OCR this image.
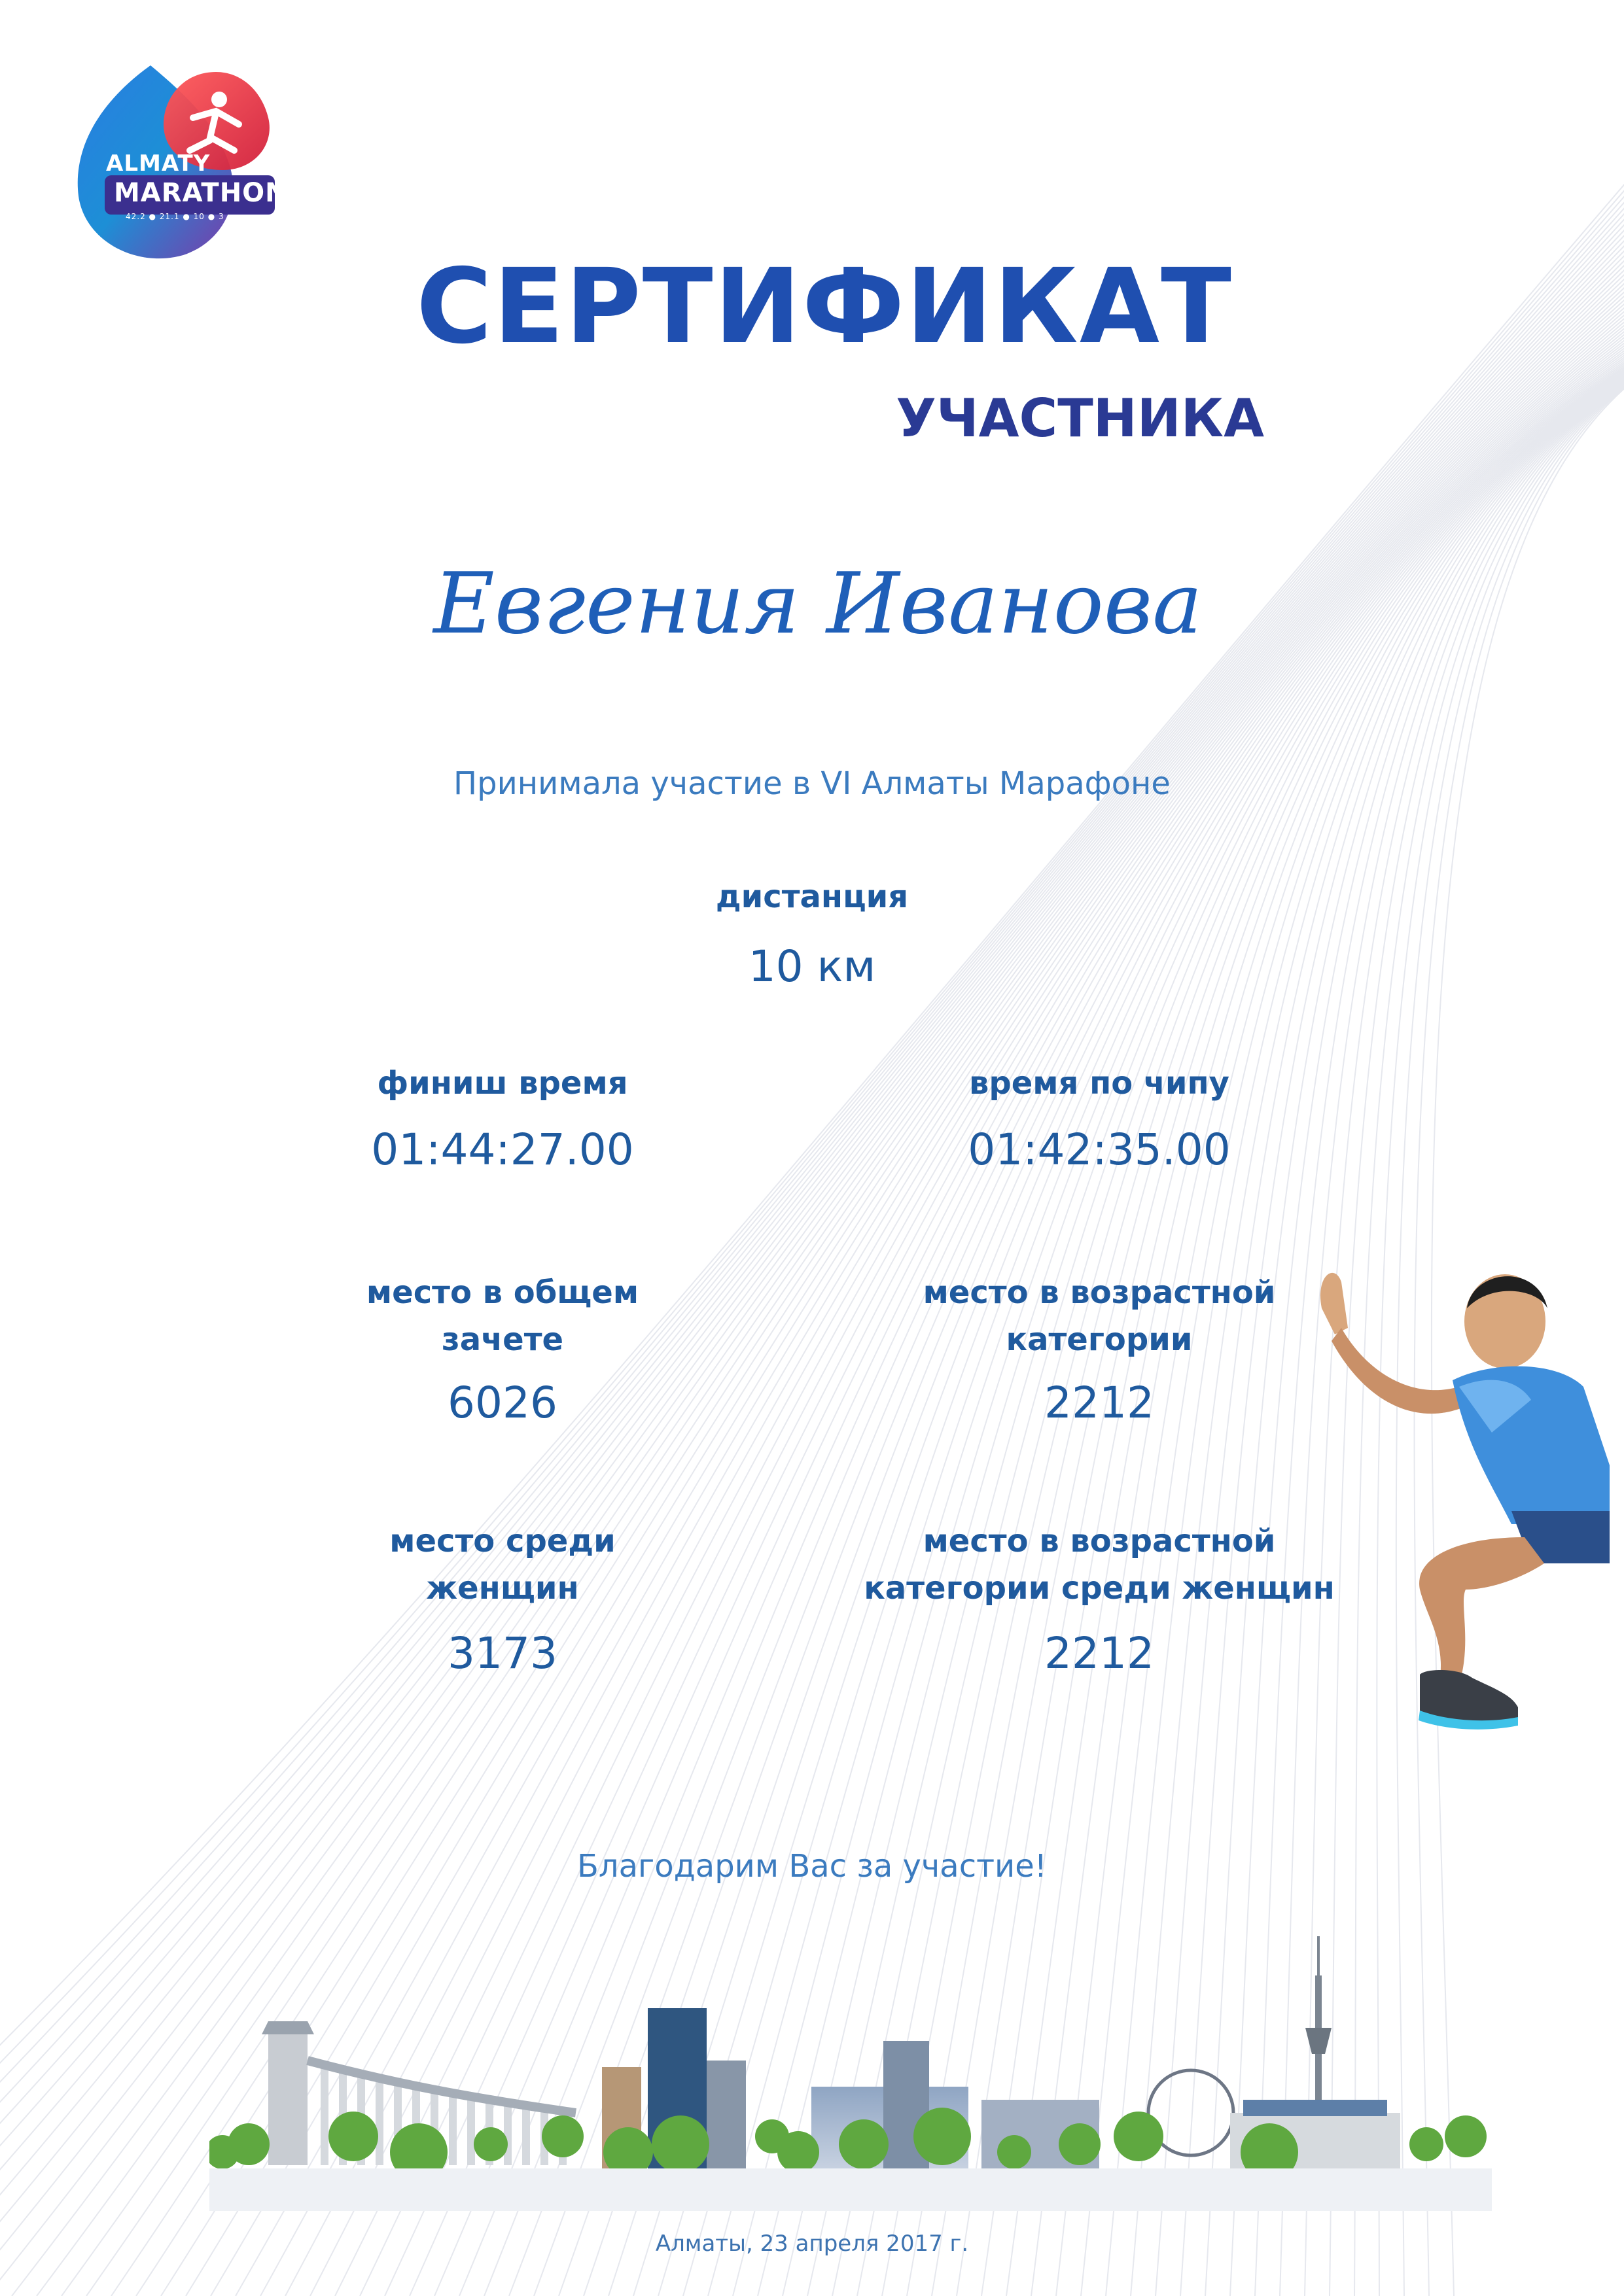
ALMATY
MARATHON
42.2 ● 21.1 ● 10 ● 3
СЕРТИФИКАТ
УЧАСТНИКА
Евгения Иванова
Принимала участие в VI Алматы Марафоне
дистанция
10 км
финиш время
01:44:27.00
время по чипу
01:42:35.00
место в общем
зачете
6026
место в возрастной
категории
2212
место среди
женщин
3173
место в возрастной
категории среди женщин
2212
Благодарим Вас за участие!
Алматы, 23 апреля 2017 г.
